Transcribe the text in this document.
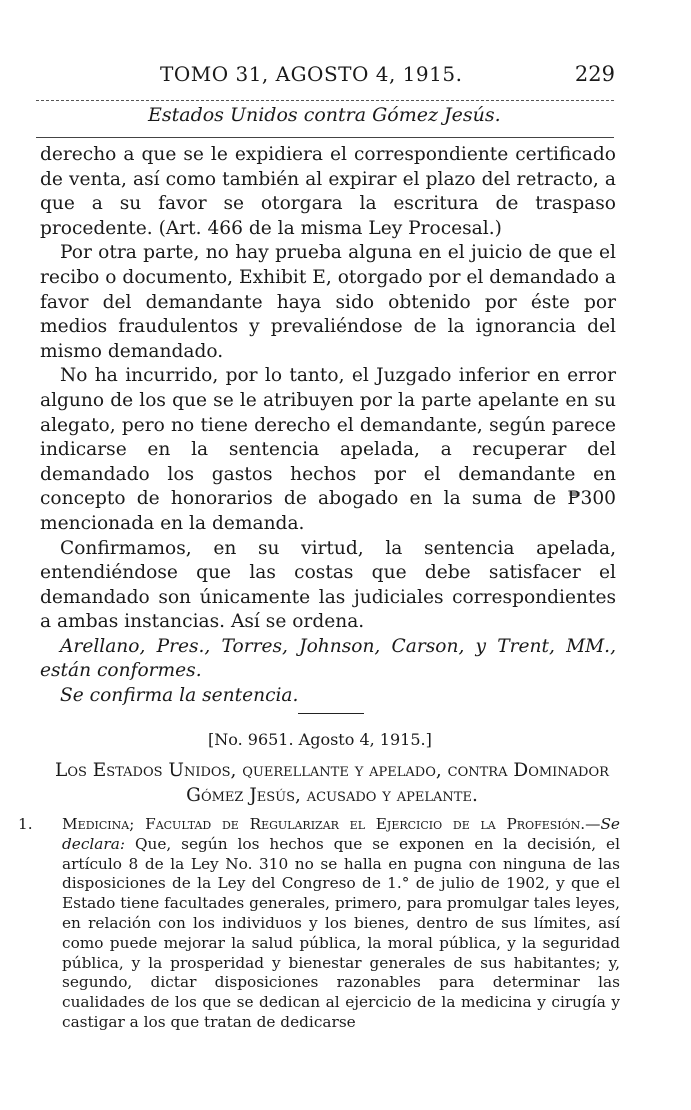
TOMO 31, AGOSTO 4, 1915.	229
Estados Unidos contra Gómez Jesús.

derecho a que se le expidiera el correspondiente certificado de venta, así como también al expirar el plazo del retracto, a que a su favor se otorgara la escritura de traspaso procedente. (Art. 466 de la misma Ley Procesal.)

Por otra parte, no hay prueba alguna en el juicio de que el recibo o documento, Exhibit E, otorgado por el demandado a favor del demandante haya sido obtenido por éste por medios fraudulentos y prevaliéndose de la ignorancia del mismo demandado.

No ha incurrido, por lo tanto, el Juzgado inferior en error alguno de los que se le atribuyen por la parte apelante en su alegato, pero no tiene derecho el demandante, según parece indicarse en la sentencia apelada, a recuperar del demandado los gastos hechos por el demandante en concepto de honorarios de abogado en la suma de ₱300 mencionada en la demanda.

Confirmamos, en su virtud, la sentencia apelada, entendiéndose que las costas que debe satisfacer el demandado son únicamente las judiciales correspondientes a ambas instancias. Así se ordena.

Arellano, Pres., Torres, Johnson, Carson, y Trent, MM., están conformes.

Se confirma la sentencia.

[No. 9651. Agosto 4, 1915.]
Los Estados Unidos, querellante y apelado, contra Dominador Gómez Jesús, acusado y apelante.

1. Medicina; Facultad de Regularizar el Ejercicio de la Profesión.—Se declara: Que, según los hechos que se exponen en la decisión, el artículo 8 de la Ley No. 310 no se halla en pugna con ninguna de las disposiciones de la Ley del Congreso de 1.° de julio de 1902, y que el Estado tiene facultades generales, primero, para promulgar tales leyes, en relación con los individuos y los bienes, dentro de sus límites, así como puede mejorar la salud pública, la moral pública, y la seguridad pública, y la prosperidad y bienestar generales de sus habitantes; y, segundo, dictar disposiciones razonables para determinar las cualidades de los que se dedican al ejercicio de la medicina y cirugía y castigar a los que tratan de dedicarse
